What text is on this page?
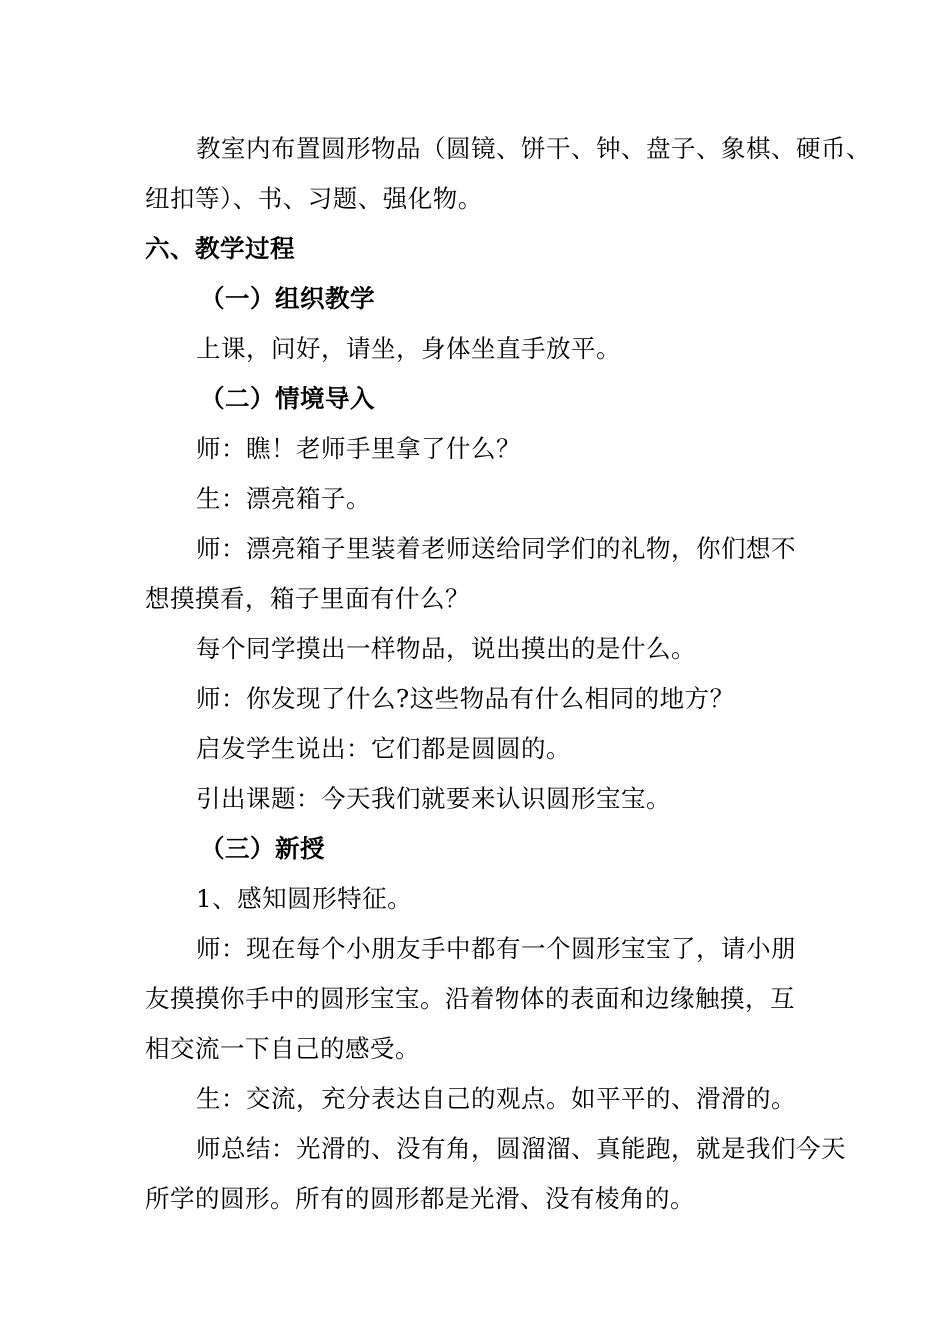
教室内布置圆形物品（圆镜、饼干、钟、盘子、象棋、硬币、
纽扣等）、书、习题、强化物。
六、教学过程
（一）组织教学
上课，问好，请坐，身体坐直手放平。
（二）情境导入
师：瞧！老师手里拿了什么？
生：漂亮箱子。
师：漂亮箱子里装着老师送给同学们的礼物，你们想不
想摸摸看，箱子里面有什么？
每个同学摸出一样物品，说出摸出的是什么。
师：你发现了什么?这些物品有什么相同的地方？
启发学生说出：它们都是圆圆的。
引出课题：今天我们就要来认识圆形宝宝。
（三）新授
1、感知圆形特征。
师：现在每个小朋友手中都有一个圆形宝宝了，请小朋
友摸摸你手中的圆形宝宝。沿着物体的表面和边缘触摸，互
相交流一下自己的感受。
生：交流，充分表达自己的观点。如平平的、滑滑的。
师总结：光滑的、没有角，圆溜溜、真能跑，就是我们今天
所学的圆形。所有的圆形都是光滑、没有棱角的。
